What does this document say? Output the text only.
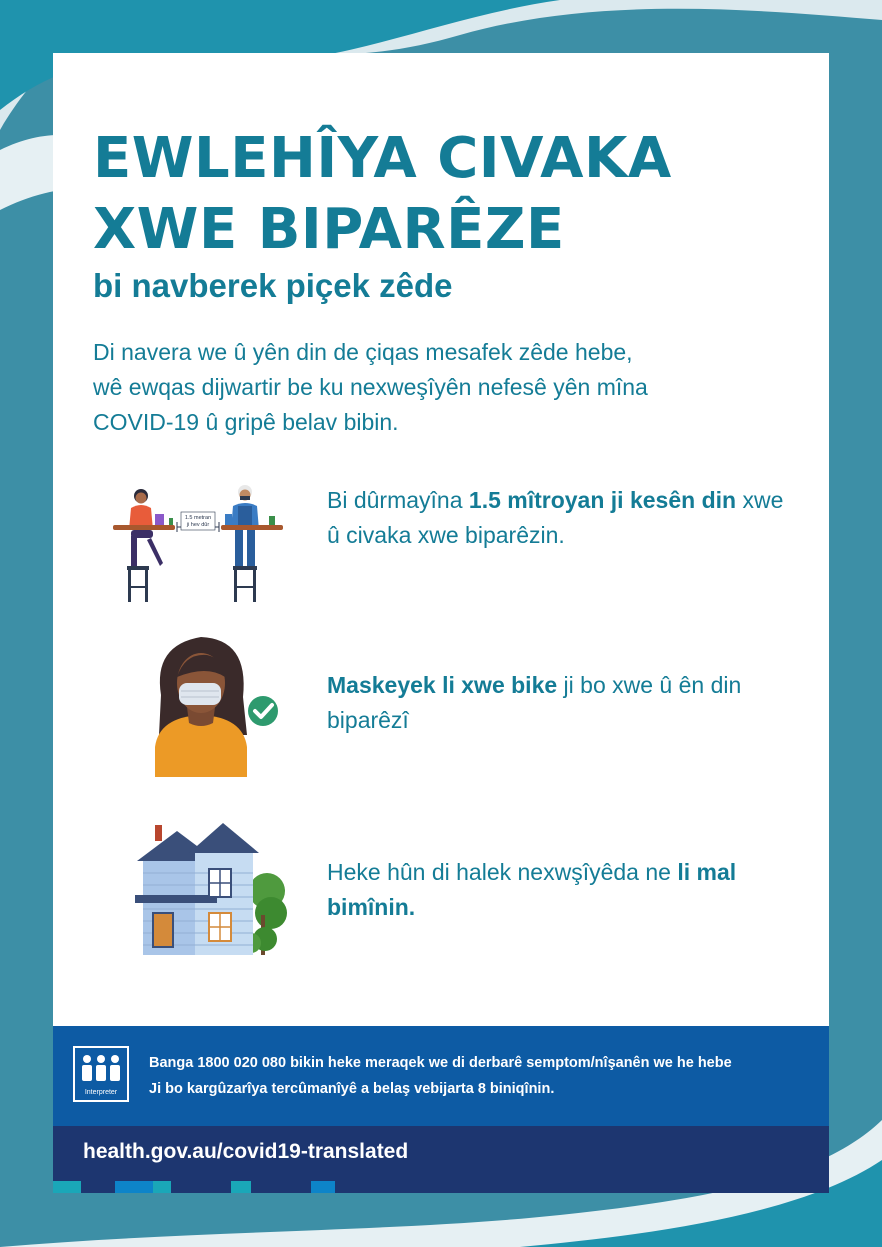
EWLEHÎYA CIVAKA
XWE BIPARÊZE

bi navberek piçek zêde

Di navera we û yên din de çiqas mesafek zêde hebe,
wê ewqas dijwartir be ku nexweşîyên nefesê yên mîna
COVID-19 û gripê belav bibin.

1.5 metran
ji hev dûr

Bi dûrmayîna 1.5 mîtroyan ji kesên din xwe û civaka xwe biparêzin.

Maskeyek li xwe bike ji bo xwe û ên din biparêzî

Heke hûn di halek nexwşîyêda ne li mal bimînin.

Interpreter

Banga 1800 020 080 bikin heke meraqek we di derbarê semptom/nîşanên we he hebe
Ji bo kargûzarîya tercûmanîyê a belaş vebijarta 8 biniqînin.

health.gov.au/covid19-translated
